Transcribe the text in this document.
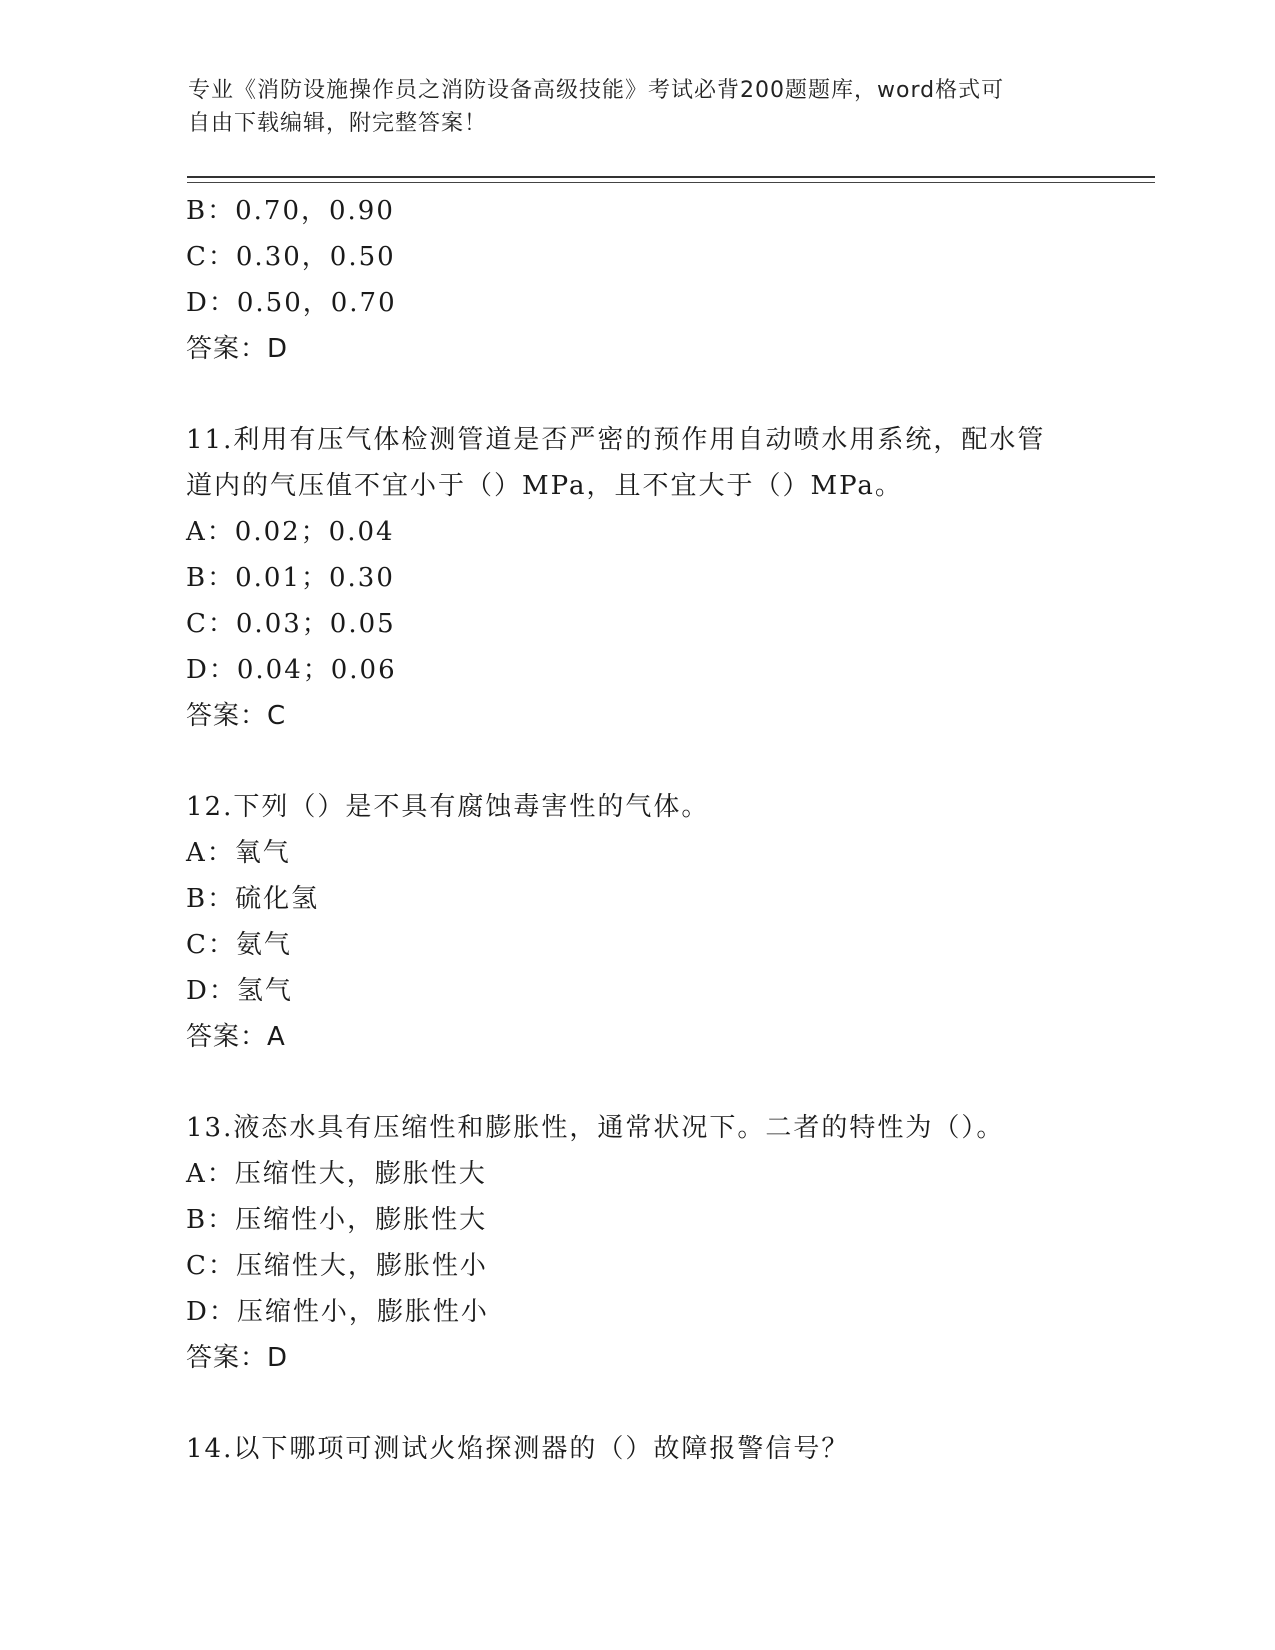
专业《消防设施操作员之消防设备高级技能》考试必背200题题库，word格式可
自由下载编辑，附完整答案！
B：0.70，0.90
C：0.30，0.50
D：0.50，0.70
答案：D
11.利用有压气体检测管道是否严密的预作用自动喷水用系统，配水管
道内的气压值不宜小于（）MPa，且不宜大于（）MPa。
A：0.02；0.04
B：0.01；0.30
C：0.03；0.05
D：0.04；0.06
答案：C
12.下列（）是不具有腐蚀毒害性的气体。
A：氧气
B：硫化氢
C：氨气
D：氢气
答案：A
13.液态水具有压缩性和膨胀性，通常状况下。二者的特性为（）。
A：压缩性大，膨胀性大
B：压缩性小，膨胀性大
C：压缩性大，膨胀性小
D：压缩性小，膨胀性小
答案：D
14.以下哪项可测试火焰探测器的（）故障报警信号？
